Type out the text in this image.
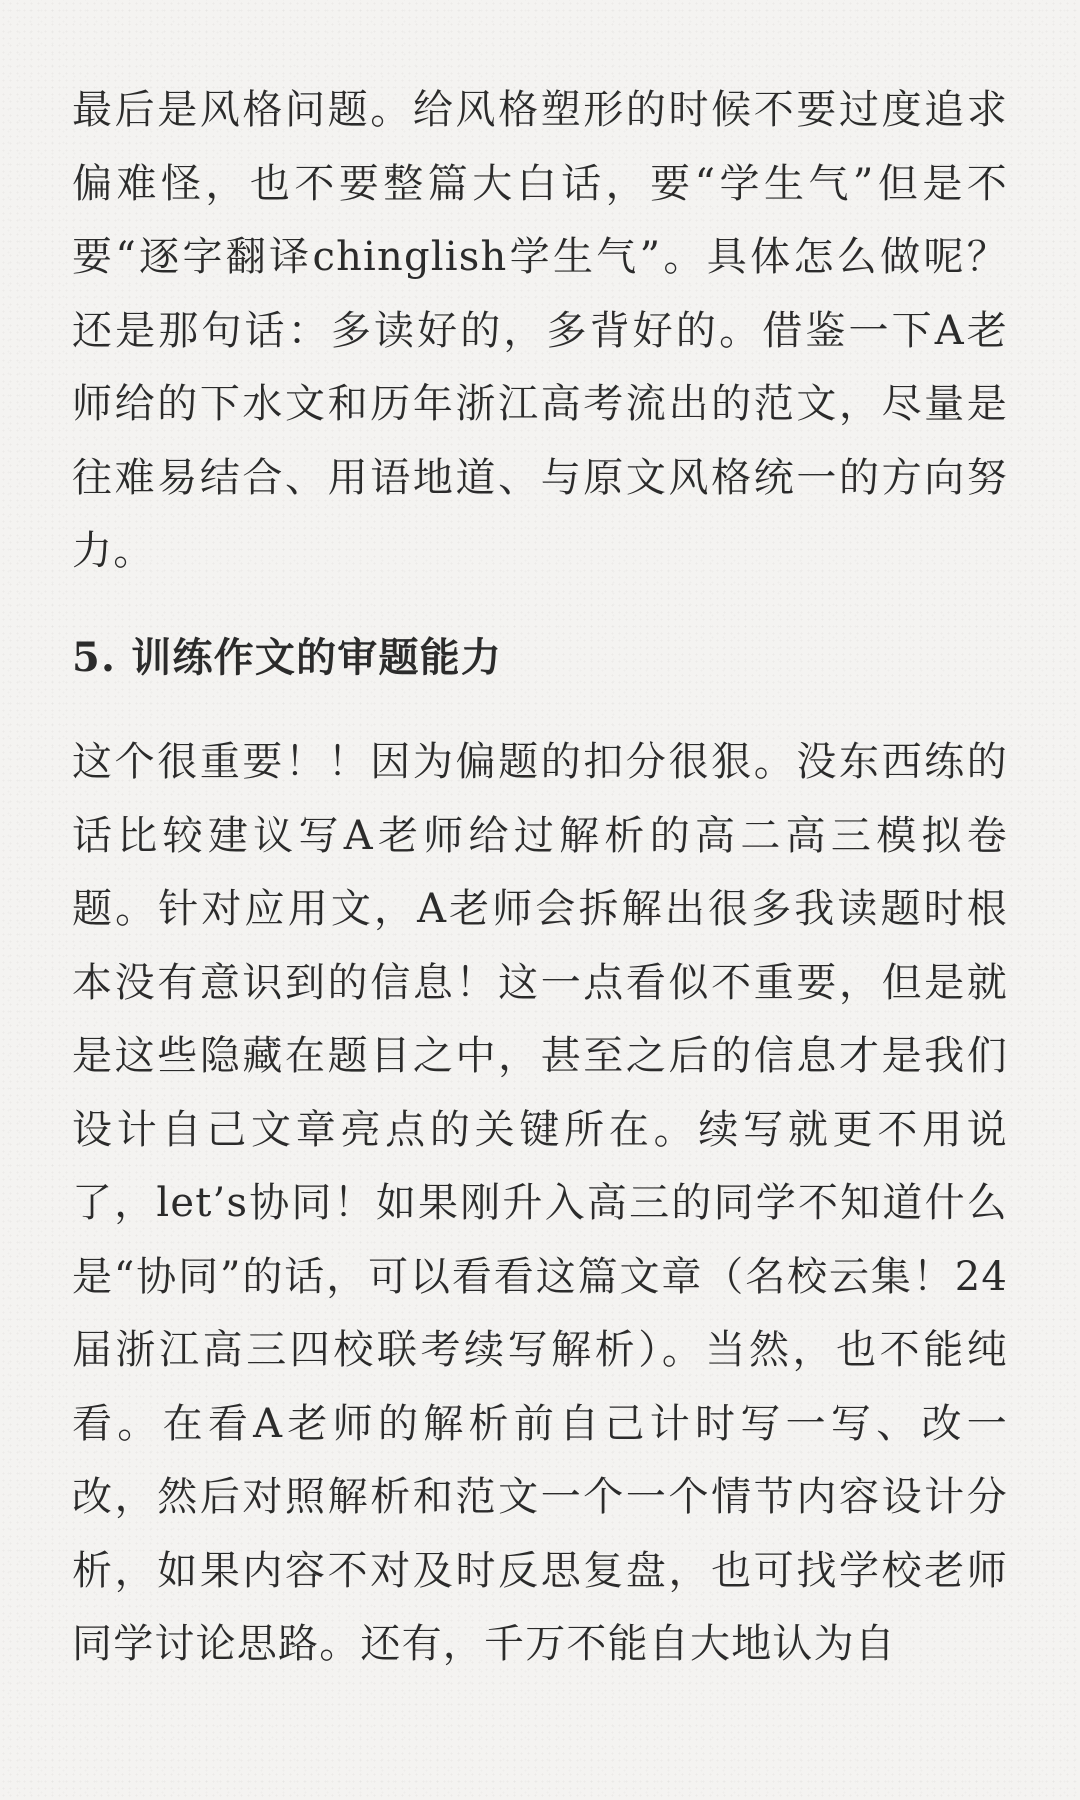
最后是风格问题。给风格塑形的时候不要过度追求偏难怪，也不要整篇大白话，要“学生气”但是不要“逐字翻译chinglish学生气”。具体怎么做呢？还是那句话：多读好的，多背好的。借鉴一下A老师给的下水文和历年浙江高考流出的范文，尽量是往难易结合、用语地道、与原文风格统一的方向努力。

5. 训练作文的审题能力

这个很重要！！因为偏题的扣分很狠。没东西练的话比较建议写A老师给过解析的高二高三模拟卷题。针对应用文，A老师会拆解出很多我读题时根本没有意识到的信息！这一点看似不重要，但是就是这些隐藏在题目之中，甚至之后的信息才是我们设计自己文章亮点的关键所在。续写就更不用说了，let’s协同！如果刚升入高三的同学不知道什么是“协同”的话，可以看看这篇文章（名校云集！24届浙江高三四校联考续写解析）。当然，也不能纯看。在看A老师的解析前自己计时写一写、改一改，然后对照解析和范文一个一个情节内容设计分析，如果内容不对及时反思复盘，也可找学校老师同学讨论思路。还有，千万不能自大地认为自
